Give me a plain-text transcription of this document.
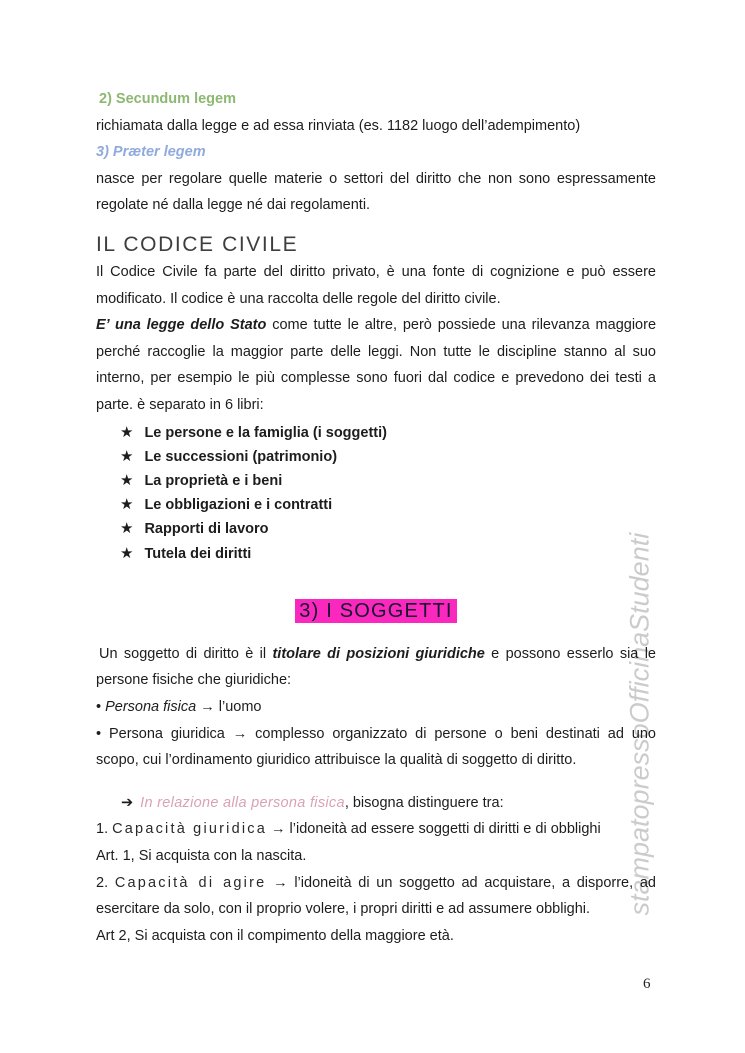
stampatopressoOfficinaStudenti

2) Secundum legem

richiamata dalla legge e ad essa rinviata (es. 1182 luogo dell’adempimento)

3) Præter legem

nasce per regolare quelle materie o settori del diritto che non sono espressamente regolate né dalla legge né dai regolamenti.

IL CODICE CIVILE

Il Codice Civile fa parte del diritto privato, è una fonte di cognizione e può essere modificato. Il codice è una raccolta delle regole del diritto civile.

E’ una legge dello Stato come tutte le altre, però possiede una rilevanza maggiore perché raccoglie la maggior parte delle leggi. Non tutte le discipline stanno al suo interno, per esempio le più complesse sono fuori dal codice e prevedono dei testi a parte. è separato in 6 libri:

★ Le persone e la famiglia (i soggetti)
★ Le successioni (patrimonio)
★ La proprietà e i beni
★ Le obbligazioni e i contratti
★ Rapporti di lavoro
★ Tutela dei diritti
3) I SOGGETTI

Un soggetto di diritto è il titolare di posizioni giuridiche e possono esserlo sia le persone fisiche che giuridiche:

• Persona fisica → l’uomo

• Persona giuridica → complesso organizzato di persone o beni destinati ad uno scopo, cui l’ordinamento giuridico attribuisce la qualità di soggetto di diritto.

➔ In relazione alla persona fisica, bisogna distinguere tra:

1. Capacità giuridica → l’idoneità ad essere soggetti di diritti e di obblighi

Art. 1, Si acquista con la nascita.

2. Capacità di agire → l’idoneità di un soggetto ad acquistare, a disporre, ad esercitare da solo, con il proprio volere, i propri diritti e ad assumere obblighi.

Art 2, Si acquista con il compimento della maggiore età.

6
